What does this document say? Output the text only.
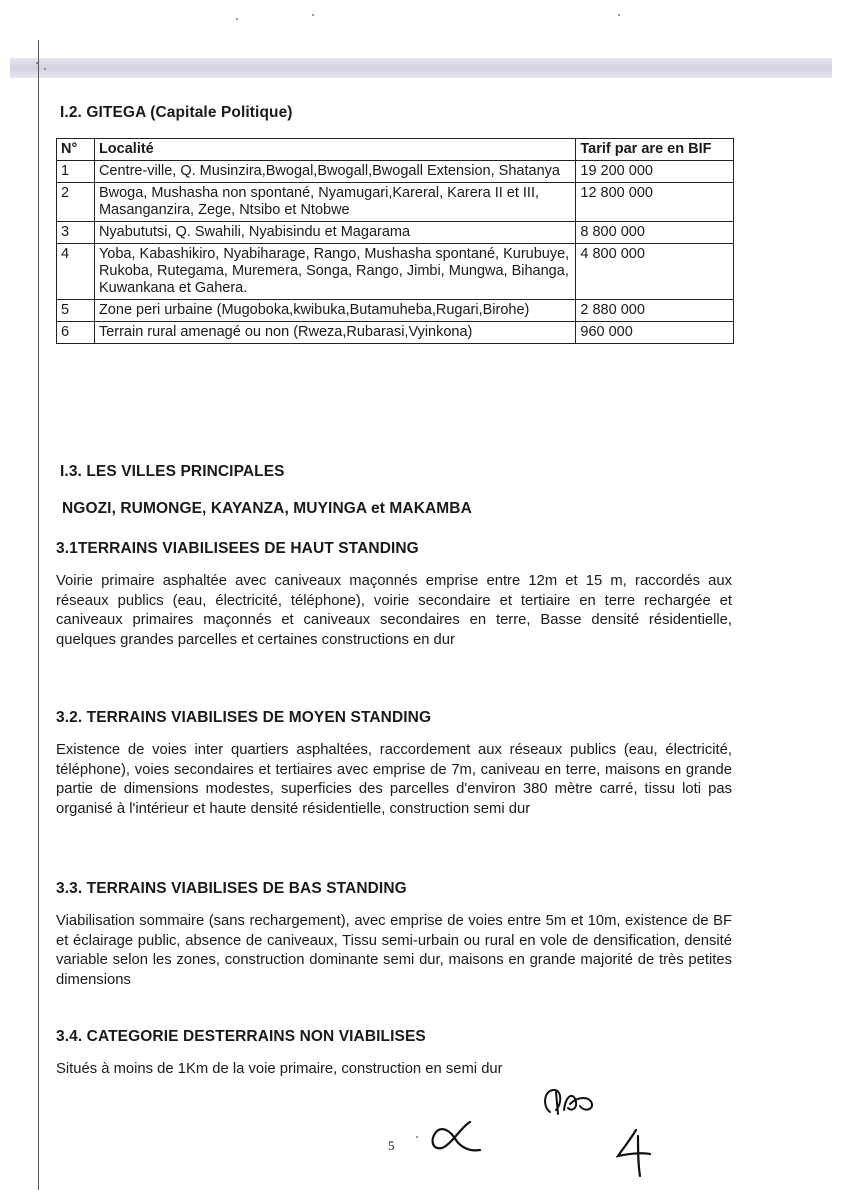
I.2. GITEGA (Capitale Politique)
N°	Localité	Tarif par are en BIF
1	Centre-ville, Q. Musinzira,Bwogal,Bwogall,Bwogall Extension, Shatanya	19 200 000
2	Bwoga, Mushasha non spontané, Nyamugari,Kareral, Karera II et III, Masanganzira, Zege, Ntsibo et Ntobwe	12 800 000
3	Nyabututsi, Q. Swahili, Nyabisindu et Magarama	8 800 000
4	Yoba, Kabashikiro, Nyabiharage, Rango, Mushasha spontané, Kurubuye, Rukoba, Rutegama, Muremera, Songa, Rango, Jimbi, Mungwa, Bihanga, Kuwankana et Gahera.	4 800 000
5	Zone peri urbaine (Mugoboka,kwibuka,Butamuheba,Rugari,Birohe)	2 880 000
6	Terrain rural amenagé ou non (Rweza,Rubarasi,Vyinkona)	960 000
I.3. LES VILLES PRINCIPALES
NGOZI, RUMONGE, KAYANZA, MUYINGA et MAKAMBA
3.1TERRAINS VIABILISEES DE HAUT STANDING

Voirie primaire asphaltée avec caniveaux maçonnés emprise entre 12m et 15 m, raccordés aux réseaux publics (eau, électricité, téléphone), voirie secondaire et tertiaire en terre rechargée et caniveaux primaires maçonnés et caniveaux secondaires en terre, Basse densité résidentielle, quelques grandes parcelles et certaines constructions en dur

3.2. TERRAINS VIABILISES DE MOYEN STANDING

Existence de voies inter quartiers asphaltées, raccordement aux réseaux publics (eau, électricité, téléphone), voies secondaires et tertiaires avec emprise de 7m, caniveau en terre, maisons en grande partie de dimensions modestes, superficies des parcelles d'environ 380 mètre carré, tissu loti pas organisé à l'intérieur et haute densité résidentielle, construction semi dur

3.3. TERRAINS VIABILISES DE BAS STANDING

Viabilisation sommaire (sans rechargement), avec emprise de voies entre 5m et 10m, existence de BF et éclairage public, absence de caniveaux, Tissu semi-urbain ou rural en vole de densification, densité variable selon les zones, construction dominante semi dur, maisons en grande majorité de très petites dimensions

3.4. CATEGORIE DESTERRAINS NON VIABILISES

Situés à moins de 1Km de la voie primaire, construction en semi dur

5
